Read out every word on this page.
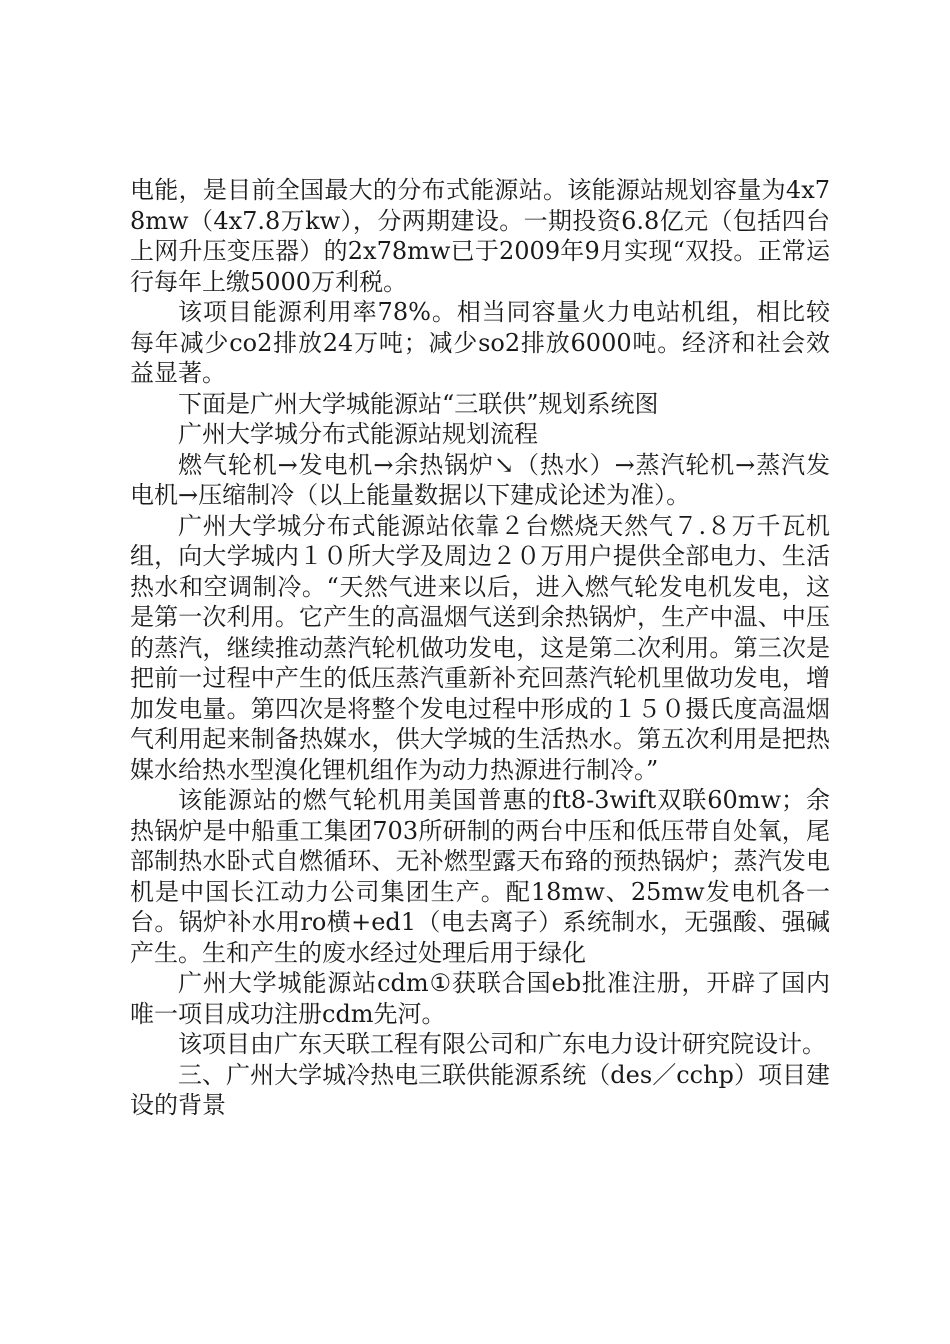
电能，是目前全国最大的分布式能源站。该能源站规划容量为4x78mw（4x7.8万kw），分两期建设。一期投资6.8亿元（包括四台上网升压变压器）的2x78mw已于2009年9月实现“双投。正常运行每年上缴5000万利税。

该项目能源利用率78%。相当同容量火力电站机组，相比较每年减少co2排放24万吨；减少so2排放6000吨。经济和社会效益显著。

下面是广州大学城能源站“三联供”规划系统图

广州大学城分布式能源站规划流程

燃气轮机→发电机→余热锅炉↘（热水）→蒸汽轮机→蒸汽发电机→压缩制冷（以上能量数据以下建成论述为准）。

广州大学城分布式能源站依靠２台燃烧天然气７.８万千瓦机组，向大学城内１０所大学及周边２０万用户提供全部电力、生活热水和空调制冷。“天然气进来以后，进入燃气轮发电机发电，这是第一次利用。它产生的高温烟气送到余热锅炉，生产中温、中压的蒸汽，继续推动蒸汽轮机做功发电，这是第二次利用。第三次是把前一过程中产生的低压蒸汽重新补充回蒸汽轮机里做功发电，增加发电量。第四次是将整个发电过程中形成的１５０摄氏度高温烟气利用起来制备热媒水，供大学城的生活热水。第五次利用是把热媒水给热水型溴化锂机组作为动力热源进行制冷。”

该能源站的燃气轮机用美国普惠的ft8-3wift双联60mw；余热锅炉是中船重工集团703所研制的两台中压和低压带自处氧，尾部制热水卧式自燃循环、无补燃型露天布臵的预热锅炉；蒸汽发电机是中国长江动力公司集团生产。配18mw、25mw发电机各一台。锅炉补水用ro横+ed1（电去离子）系统制水，无强酸、强碱产生。生和产生的废水经过处理后用于绿化

广州大学城能源站cdm①获联合国eb批准注册，开辟了国内唯一项目成功注册cdm先河。

该项目由广东天联工程有限公司和广东电力设计研究院设计。

三、广州大学城冷热电三联供能源系统（des／cchp）项目建设的背景
